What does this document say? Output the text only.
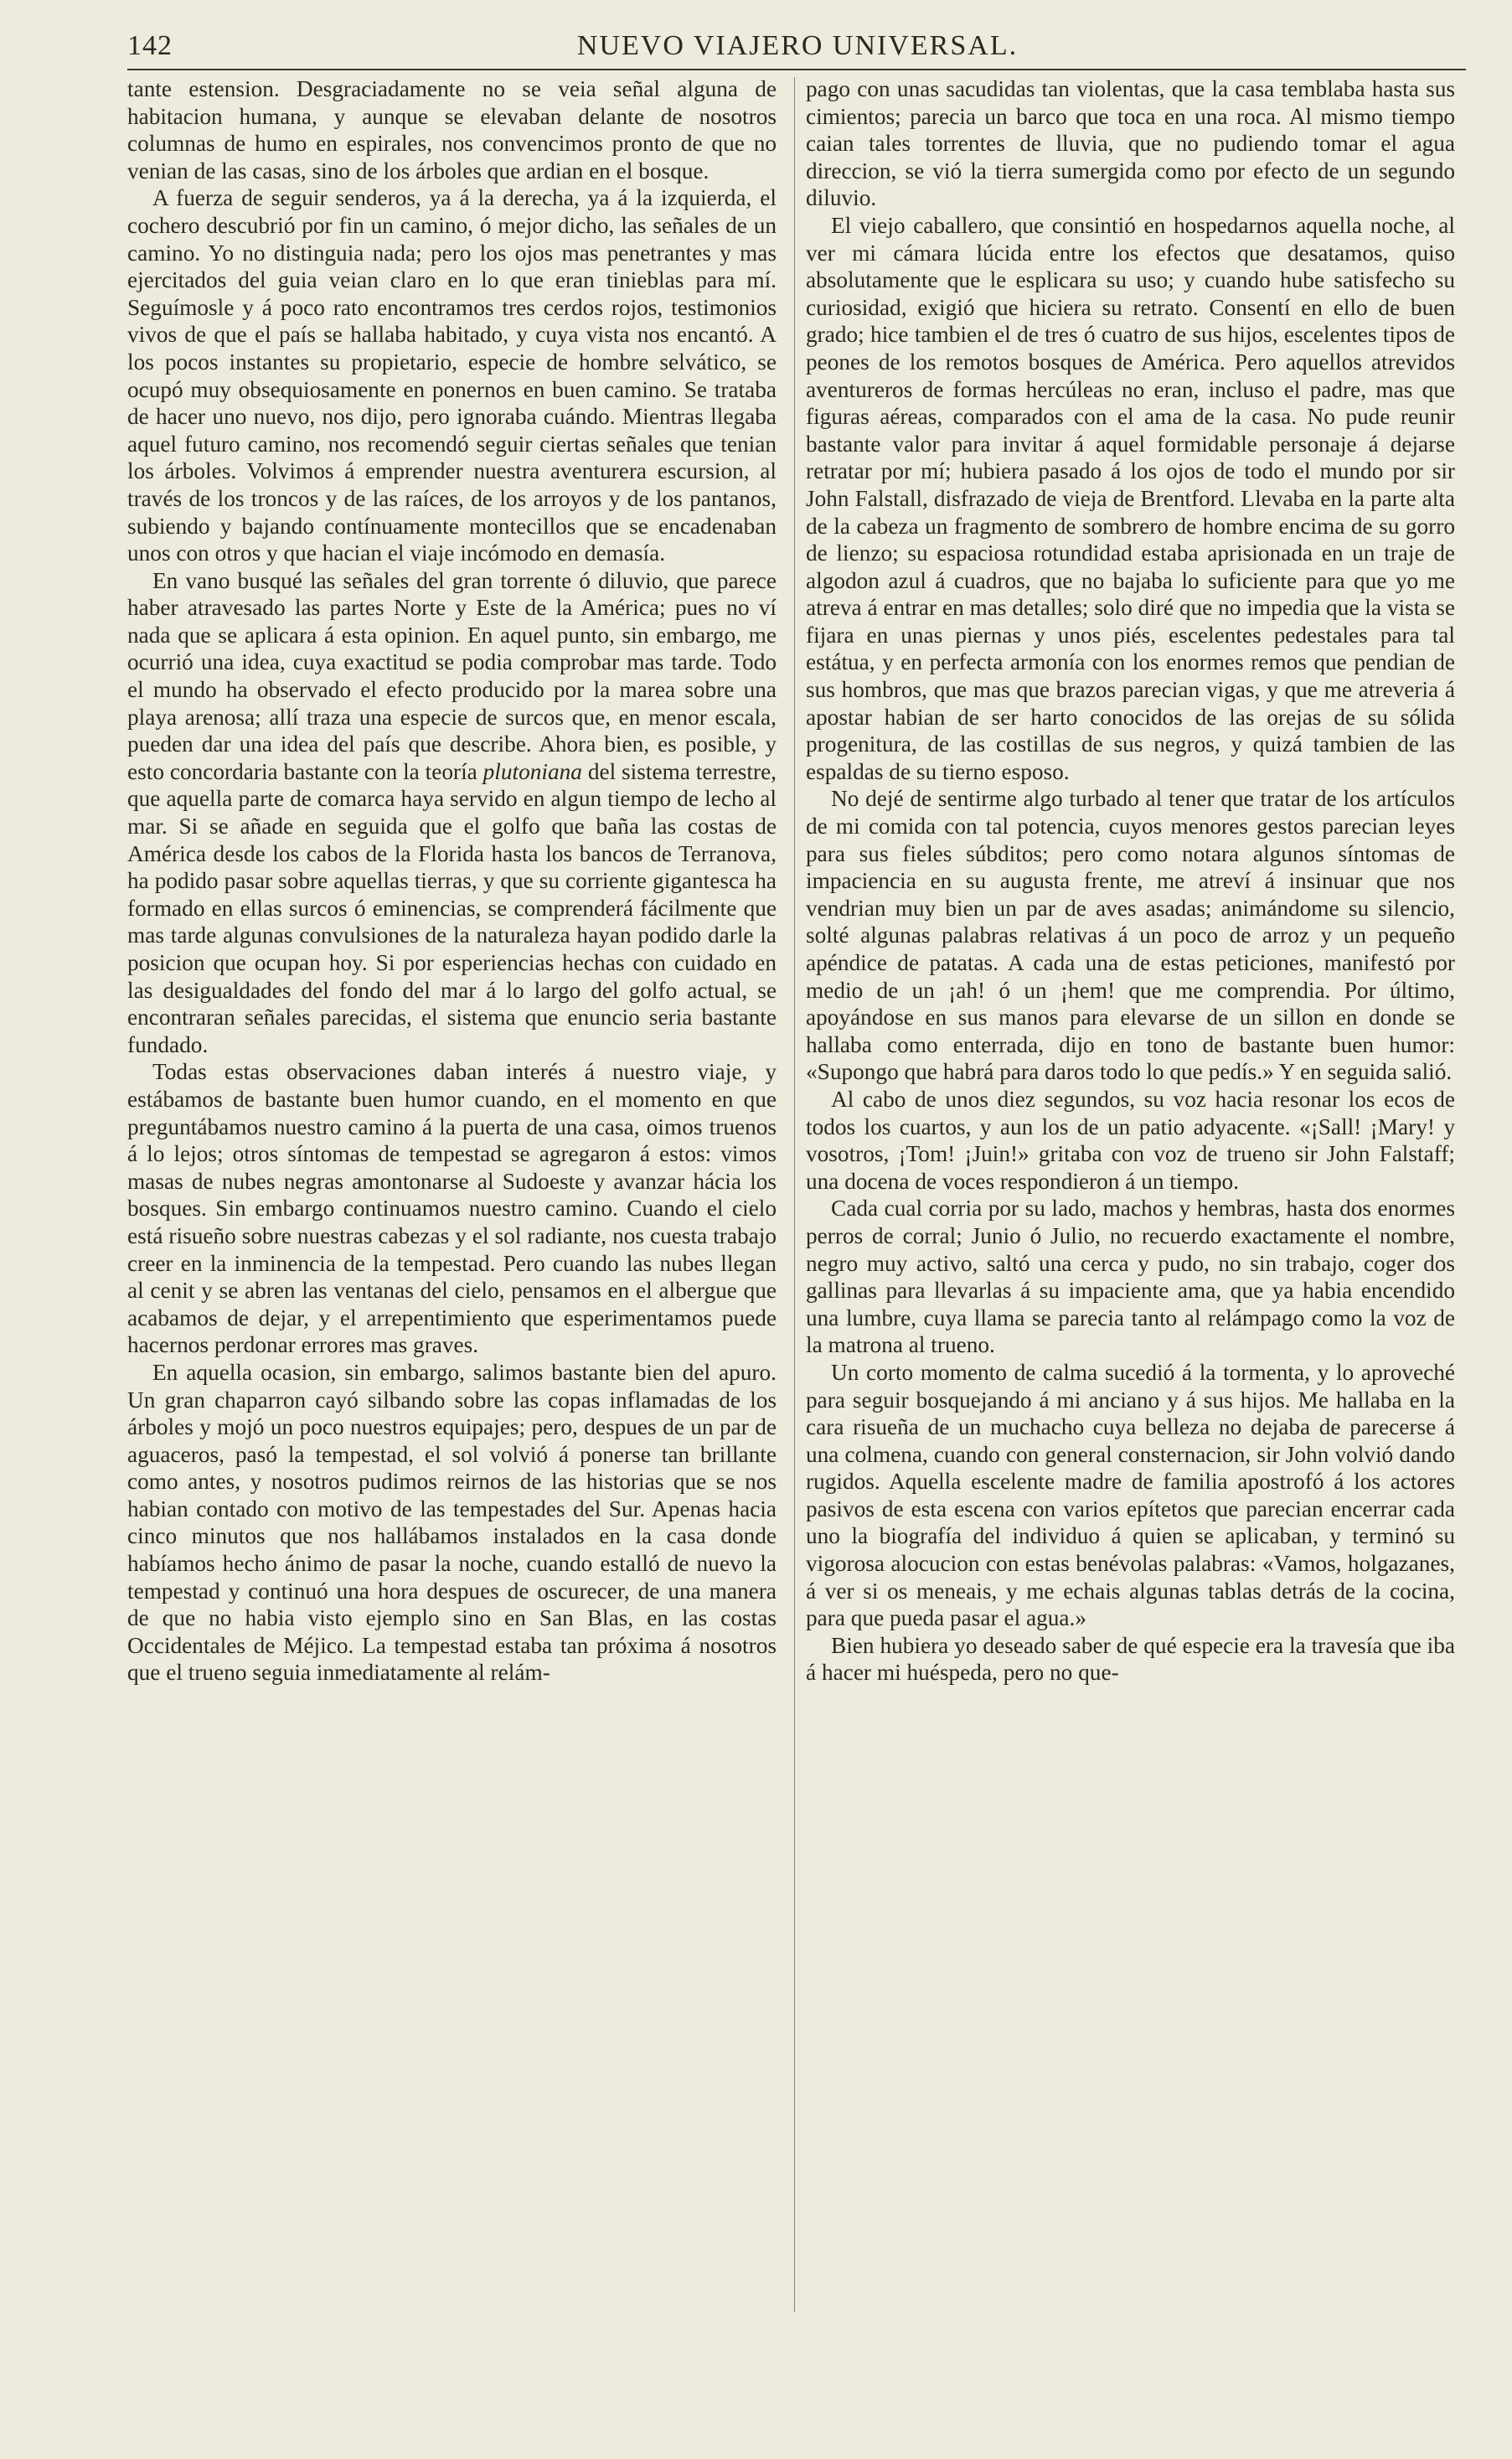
142	NUEVO VIAJERO UNIVERSAL.

tante estension. Desgraciadamente no se veia señal alguna de habitacion humana, y aunque se elevaban delante de nosotros columnas de humo en espirales, nos convencimos pronto de que no venian de las casas, sino de los árboles que ardian en el bosque.

A fuerza de seguir senderos, ya á la derecha, ya á la izquierda, el cochero descubrió por fin un camino, ó mejor dicho, las señales de un camino. Yo no distinguia nada; pero los ojos mas penetrantes y mas ejercitados del guia veian claro en lo que eran tinieblas para mí. Seguímosle y á poco rato encontramos tres cerdos rojos, testimonios vivos de que el país se hallaba habitado, y cuya vista nos encantó. A los pocos instantes su propietario, especie de hombre selvático, se ocupó muy obsequiosamente en ponernos en buen camino. Se trataba de hacer uno nuevo, nos dijo, pero ignoraba cuándo. Mientras llegaba aquel futuro camino, nos recomendó seguir ciertas señales que tenian los árboles. Volvimos á emprender nuestra aventurera escursion, al través de los troncos y de las raíces, de los arroyos y de los pantanos, subiendo y bajando contínuamente montecillos que se encadenaban unos con otros y que hacian el viaje incómodo en demasía.

En vano busqué las señales del gran torrente ó diluvio, que parece haber atravesado las partes Norte y Este de la América; pues no ví nada que se aplicara á esta opinion. En aquel punto, sin embargo, me ocurrió una idea, cuya exactitud se podia comprobar mas tarde. Todo el mundo ha observado el efecto producido por la marea sobre una playa arenosa; allí traza una especie de surcos que, en menor escala, pueden dar una idea del país que describe. Ahora bien, es posible, y esto concordaria bastante con la teoría plutoniana del sistema terrestre, que aquella parte de comarca haya servido en algun tiempo de lecho al mar. Si se añade en seguida que el golfo que baña las costas de América desde los cabos de la Florida hasta los bancos de Terranova, ha podido pasar sobre aquellas tierras, y que su corriente gigantesca ha formado en ellas surcos ó eminencias, se comprenderá fácilmente que mas tarde algunas convulsiones de la naturaleza hayan podido darle la posicion que ocupan hoy. Si por esperiencias hechas con cuidado en las desigualdades del fondo del mar á lo largo del golfo actual, se encontraran señales parecidas, el sistema que enuncio seria bastante fundado.

Todas estas observaciones daban interés á nuestro viaje, y estábamos de bastante buen humor cuando, en el momento en que preguntábamos nuestro camino á la puerta de una casa, oimos truenos á lo lejos; otros síntomas de tempestad se agregaron á estos: vimos masas de nubes negras amontonarse al Sudoeste y avanzar hácia los bosques. Sin embargo continuamos nuestro camino. Cuando el cielo está risueño sobre nuestras cabezas y el sol radiante, nos cuesta trabajo creer en la inminencia de la tempestad. Pero cuando las nubes llegan al cenit y se abren las ventanas del cielo, pensamos en el albergue que acabamos de dejar, y el arrepentimiento que esperimentamos puede hacernos perdonar errores mas graves.

En aquella ocasion, sin embargo, salimos bastante bien del apuro. Un gran chaparron cayó silbando sobre las copas inflamadas de los árboles y mojó un poco nuestros equipajes; pero, despues de un par de aguaceros, pasó la tempestad, el sol volvió á ponerse tan brillante como antes, y nosotros pudimos reirnos de las historias que se nos habian contado con motivo de las tempestades del Sur. Apenas hacia cinco minutos que nos hallábamos instalados en la casa donde habíamos hecho ánimo de pasar la noche, cuando estalló de nuevo la tempestad y continuó una hora despues de oscurecer, de una manera de que no habia visto ejemplo sino en San Blas, en las costas Occidentales de Méjico. La tempestad estaba tan próxima á nosotros que el trueno seguia inmediatamente al relám-

pago con unas sacudidas tan violentas, que la casa temblaba hasta sus cimientos; parecia un barco que toca en una roca. Al mismo tiempo caian tales torrentes de lluvia, que no pudiendo tomar el agua direccion, se vió la tierra sumergida como por efecto de un segundo diluvio.

El viejo caballero, que consintió en hospedarnos aquella noche, al ver mi cámara lúcida entre los efectos que desatamos, quiso absolutamente que le esplicara su uso; y cuando hube satisfecho su curiosidad, exigió que hiciera su retrato. Consentí en ello de buen grado; hice tambien el de tres ó cuatro de sus hijos, escelentes tipos de peones de los remotos bosques de América. Pero aquellos atrevidos aventureros de formas hercúleas no eran, incluso el padre, mas que figuras aéreas, comparados con el ama de la casa. No pude reunir bastante valor para invitar á aquel formidable personaje á dejarse retratar por mí; hubiera pasado á los ojos de todo el mundo por sir John Falstall, disfrazado de vieja de Brentford. Llevaba en la parte alta de la cabeza un fragmento de sombrero de hombre encima de su gorro de lienzo; su espaciosa rotundidad estaba aprisionada en un traje de algodon azul á cuadros, que no bajaba lo suficiente para que yo me atreva á entrar en mas detalles; solo diré que no impedia que la vista se fijara en unas piernas y unos piés, escelentes pedestales para tal estátua, y en perfecta armonía con los enormes remos que pendian de sus hombros, que mas que brazos parecian vigas, y que me atreveria á apostar habian de ser harto conocidos de las orejas de su sólida progenitura, de las costillas de sus negros, y quizá tambien de las espaldas de su tierno esposo.

No dejé de sentirme algo turbado al tener que tratar de los artículos de mi comida con tal potencia, cuyos menores gestos parecian leyes para sus fieles súbditos; pero como notara algunos síntomas de impaciencia en su augusta frente, me atreví á insinuar que nos vendrian muy bien un par de aves asadas; animándome su silencio, solté algunas palabras relativas á un poco de arroz y un pequeño apéndice de patatas. A cada una de estas peticiones, manifestó por medio de un ¡ah! ó un ¡hem! que me comprendia. Por último, apoyándose en sus manos para elevarse de un sillon en donde se hallaba como enterrada, dijo en tono de bastante buen humor: «Supongo que habrá para daros todo lo que pedís.» Y en seguida salió.

Al cabo de unos diez segundos, su voz hacia resonar los ecos de todos los cuartos, y aun los de un patio adyacente. «¡Sall! ¡Mary! y vosotros, ¡Tom! ¡Juin!» gritaba con voz de trueno sir John Falstaff; una docena de voces respondieron á un tiempo.

Cada cual corria por su lado, machos y hembras, hasta dos enormes perros de corral; Junio ó Julio, no recuerdo exactamente el nombre, negro muy activo, saltó una cerca y pudo, no sin trabajo, coger dos gallinas para llevarlas á su impaciente ama, que ya habia encendido una lumbre, cuya llama se parecia tanto al relámpago como la voz de la matrona al trueno.

Un corto momento de calma sucedió á la tormenta, y lo aproveché para seguir bosquejando á mi anciano y á sus hijos. Me hallaba en la cara risueña de un muchacho cuya belleza no dejaba de parecerse á una colmena, cuando con general consternacion, sir John volvió dando rugidos. Aquella escelente madre de familia apostrofó á los actores pasivos de esta escena con varios epítetos que parecian encerrar cada uno la biografía del individuo á quien se aplicaban, y terminó su vigorosa alocucion con estas benévolas palabras: «Vamos, holgazanes, á ver si os meneais, y me echais algunas tablas detrás de la cocina, para que pueda pasar el agua.»

Bien hubiera yo deseado saber de qué especie era la travesía que iba á hacer mi huéspeda, pero no que-
